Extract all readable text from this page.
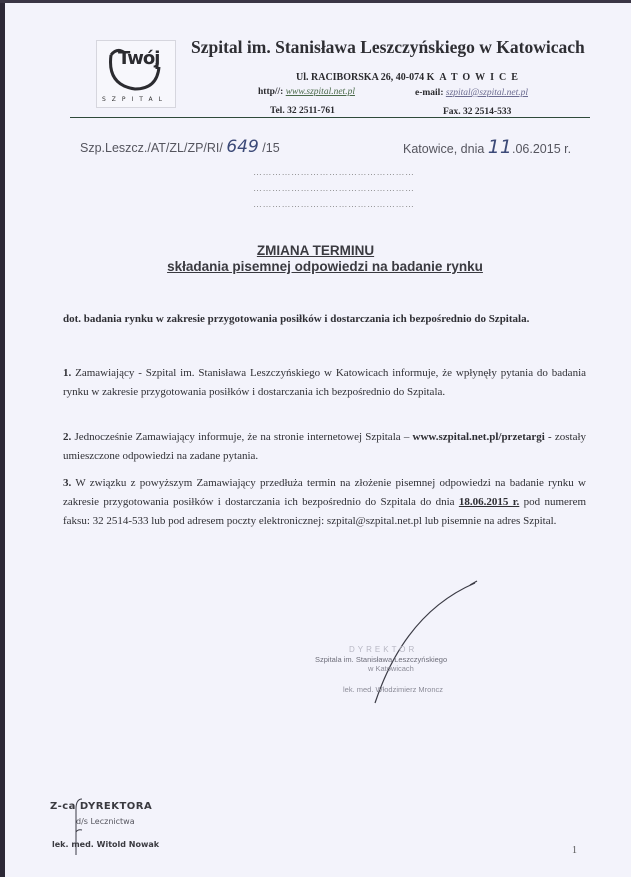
Twój
SZPITAL
Szpital im. Stanisława Leszczyńskiego w Katowicach
Ul. RACIBORSKA 26, 40-074 KATOWICE
http//: www.szpital.net.pl	e-mail: szpital@szpital.net.pl
Tel. 32 2511-761	Fax. 32 2514-533
Szp.Leszcz./AT/ZL/ZP/RI/ 649 /15	Katowice, dnia 11.06.2015 r.
……………………………………………
……………………………………………
……………………………………………
ZMIANA TERMINU
składania pisemnej odpowiedzi na badanie rynku
dot. badania rynku w zakresie przygotowania posiłków i dostarczania ich bezpośrednio do Szpitala.
1. Zamawiający - Szpital im. Stanisława Leszczyńskiego w Katowicach informuje, że wpłynęły pytania do badania rynku w zakresie przygotowania posiłków i dostarczania ich bezpośrednio do Szpitala.
2. Jednocześnie Zamawiający informuje, że na stronie internetowej Szpitala – www.szpital.net.pl/przetargi - zostały umieszczone odpowiedzi na zadane pytania.
3. W związku z powyższym Zamawiający przedłuża termin na złożenie pisemnej odpowiedzi na badanie rynku w zakresie przygotowania posiłków i dostarczania ich bezpośrednio do Szpitala do dnia 18.06.2015 r. pod numerem faksu: 32 2514-533 lub pod adresem poczty elektronicznej: szpital@szpital.net.pl lub pisemnie na adres Szpital.
DYREKTOR
Szpitala im. Stanisława Leszczyńskiego
w Katowicach
lek. med. Włodzimierz Mroncz
Z-ca DYREKTORA
d/s Lecznictwa
lek. med. Witold Nowak
1
